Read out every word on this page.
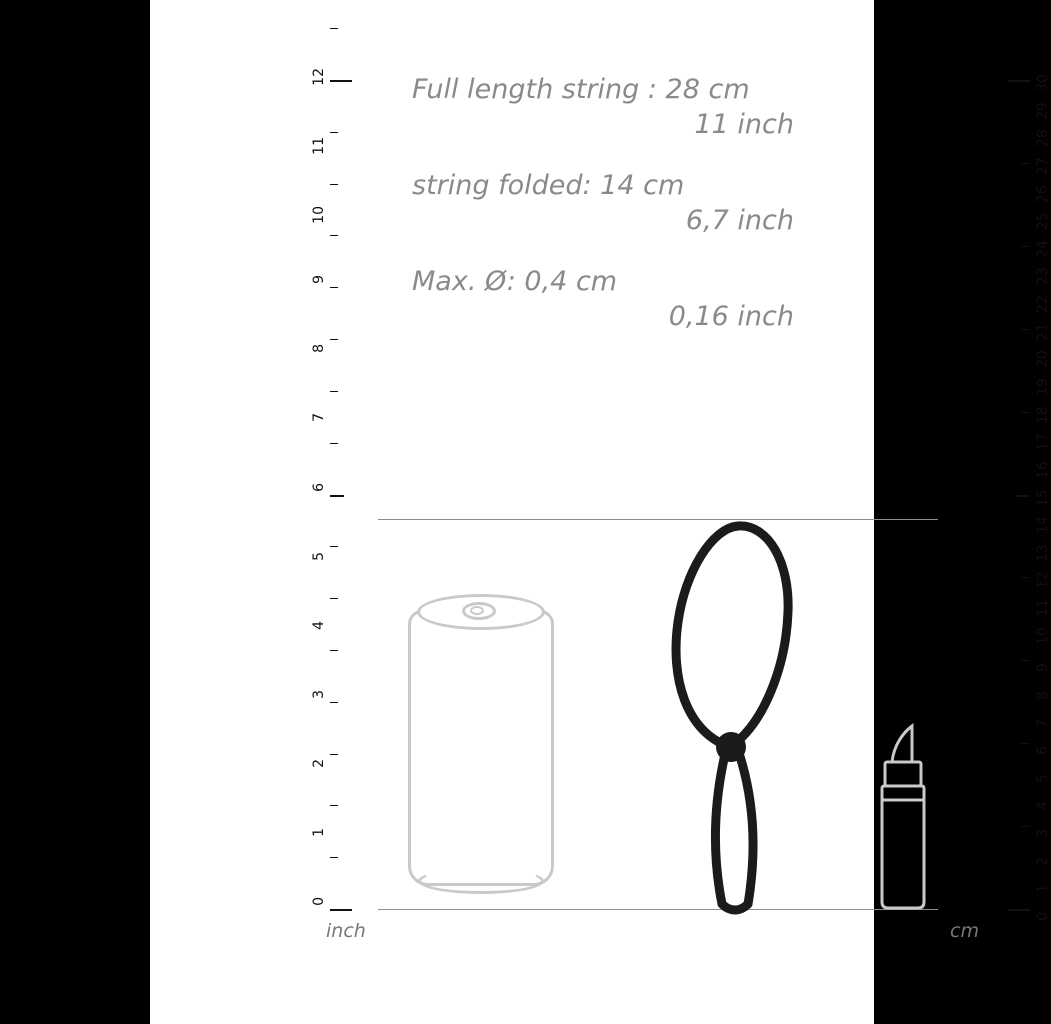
Full length string : 28 cm
11 inch
string folded: 14 cm
6,7 inch
Max. Ø: 0,4 cm
0,16 inch
0
1
2
3
4
5
6
7
8
9
10
11
12
0
1
2
3
4
5
6
7
8
9
10
11
12
13
14
15
16
17
18
19
20
21
22
23
24
25
26
27
28
29
30
inch	cm
